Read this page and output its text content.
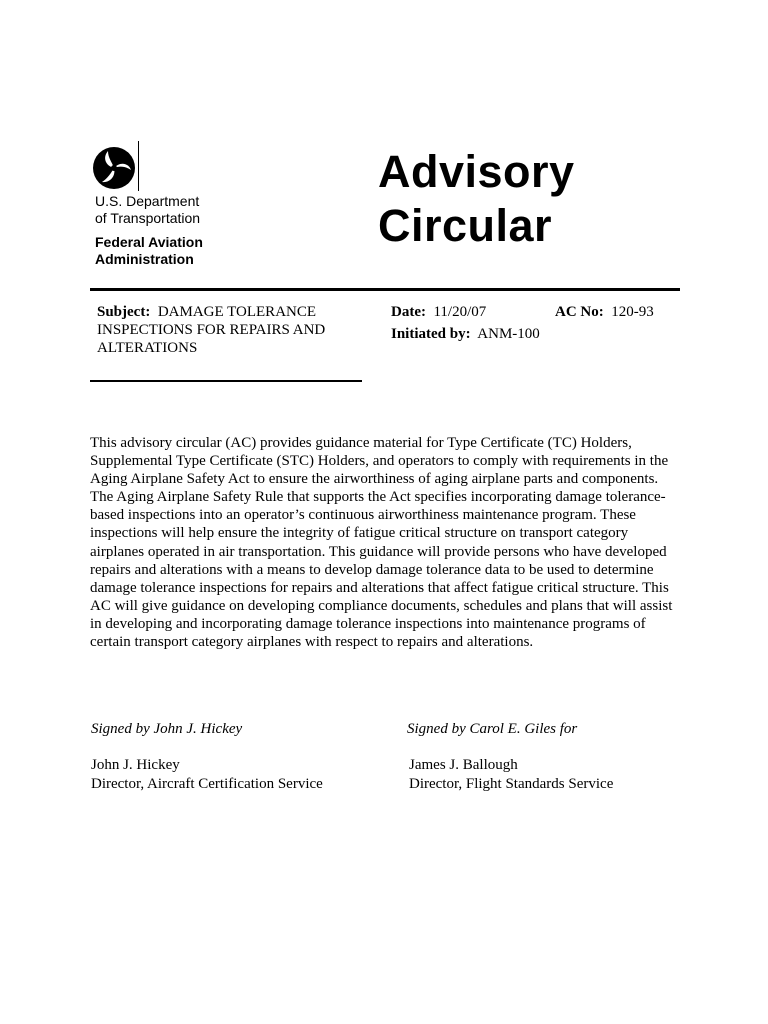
U.S. Department
of Transportation
Federal Aviation
Administration
Advisory
Circular
Subject: DAMAGE TOLERANCE
INSPECTIONS FOR REPAIRS AND
ALTERATIONS
Date: 11/20/07	AC No: 120-93
Initiated by: ANM-100
This advisory circular (AC) provides guidance material for Type Certificate (TC) Holders, Supplemental Type Certificate (STC) Holders, and operators to comply with requirements in the Aging Airplane Safety Act to ensure the airworthiness of aging airplane parts and components. The Aging Airplane Safety Rule that supports the Act specifies incorporating damage tolerance-based inspections into an operator’s continuous airworthiness maintenance program. These inspections will help ensure the integrity of fatigue critical structure on transport category airplanes operated in air transportation. This guidance will provide persons who have developed repairs and alterations with a means to develop damage tolerance data to be used to determine damage tolerance inspections for repairs and alterations that affect fatigue critical structure. This AC will give guidance on developing compliance documents, schedules and plans that will assist in developing and incorporating damage tolerance inspections into maintenance programs of certain transport category airplanes with respect to repairs and alterations.
Signed by John J. Hickey
John J. Hickey
Director, Aircraft Certification Service
Signed by Carol E. Giles for
James J. Ballough
Director, Flight Standards Service
